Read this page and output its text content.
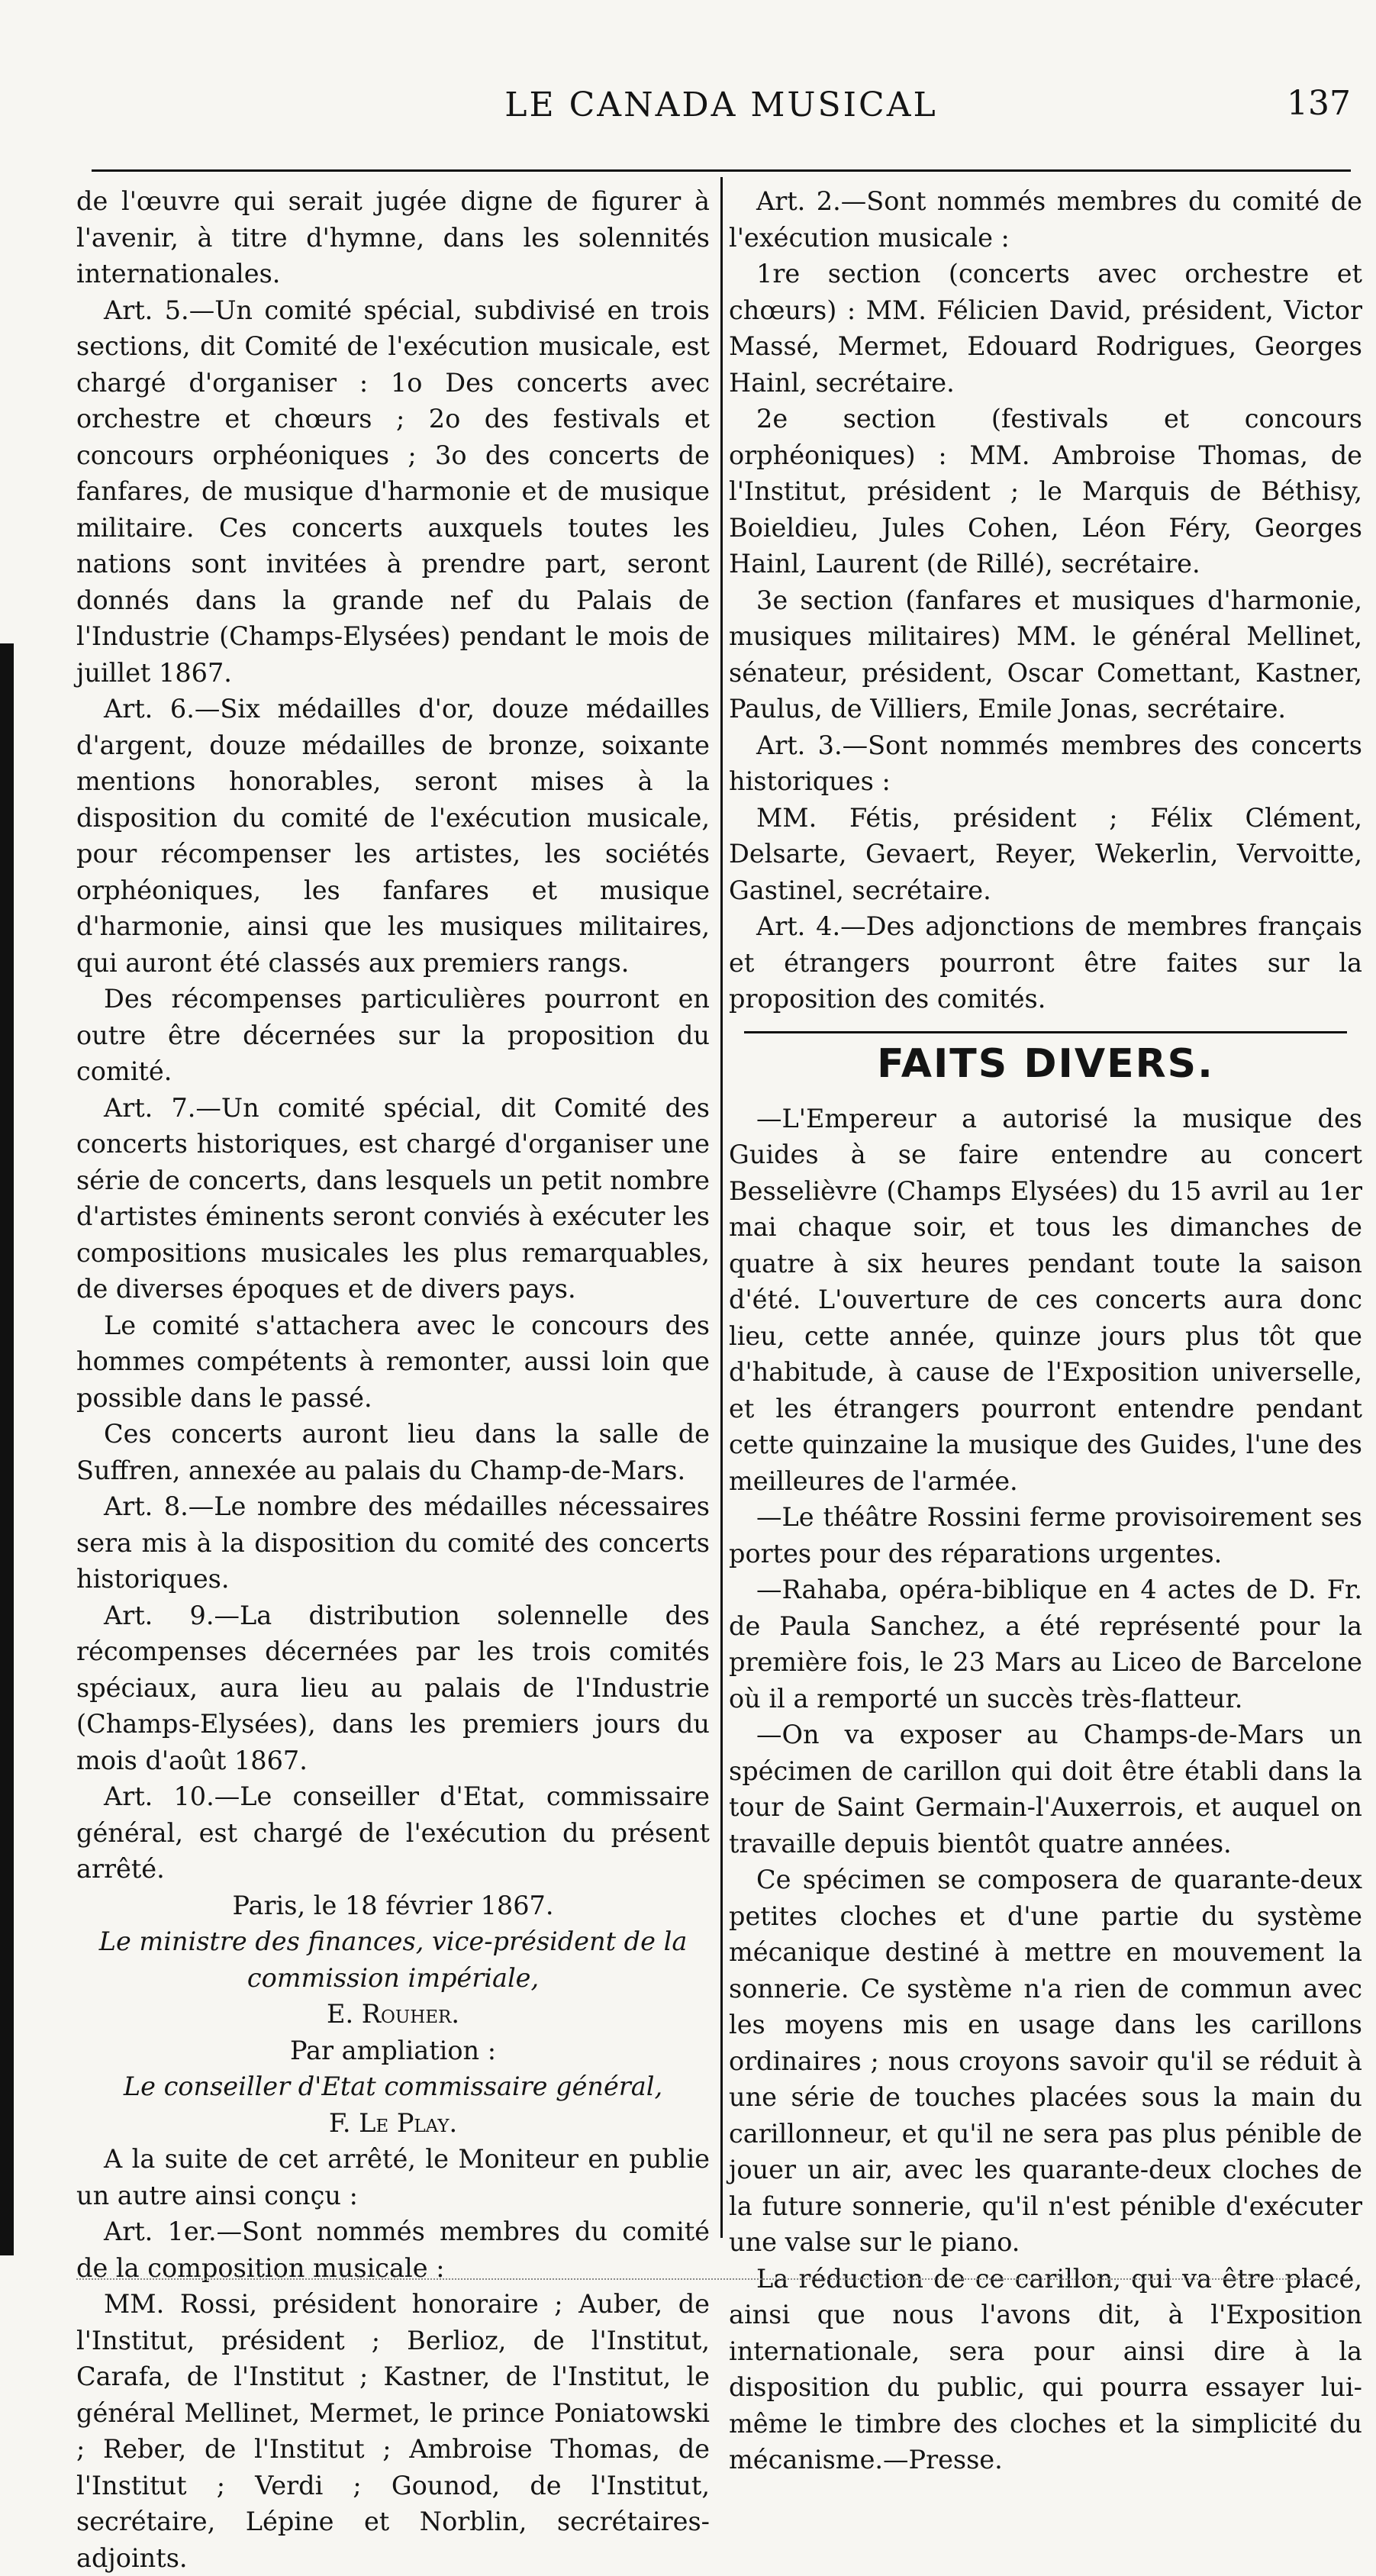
LE CANADA MUSICAL	137

de l'œuvre qui serait jugée digne de figurer à l'avenir, à titre d'hymne, dans les solennités internationales.

Art. 5.—Un comité spécial, subdivisé en trois sections, dit Comité de l'exécution musicale, est chargé d'organiser : 1o Des concerts avec orchestre et chœurs ; 2o des festivals et concours orphéoniques ; 3o des concerts de fanfares, de musique d'harmonie et de musique militaire. Ces concerts auxquels toutes les nations sont invitées à prendre part, seront donnés dans la grande nef du Palais de l'Industrie (Champs-Elysées) pendant le mois de juillet 1867.

Art. 6.—Six médailles d'or, douze médailles d'argent, douze médailles de bronze, soixante mentions honorables, seront mises à la disposition du comité de l'exécution musicale, pour récompenser les artistes, les sociétés orphéoniques, les fanfares et musique d'harmonie, ainsi que les musiques militaires, qui auront été classés aux premiers rangs.

Des récompenses particulières pourront en outre être décernées sur la proposition du comité.

Art. 7.—Un comité spécial, dit Comité des concerts historiques, est chargé d'organiser une série de concerts, dans lesquels un petit nombre d'artistes éminents seront conviés à exécuter les compositions musicales les plus remarquables, de diverses époques et de divers pays.

Le comité s'attachera avec le concours des hommes compétents à remonter, aussi loin que possible dans le passé.

Ces concerts auront lieu dans la salle de Suffren, annexée au palais du Champ-de-Mars.

Art. 8.—Le nombre des médailles nécessaires sera mis à la disposition du comité des concerts historiques.

Art. 9.—La distribution solennelle des récompenses décernées par les trois comités spéciaux, aura lieu au palais de l'Industrie (Champs-Elysées), dans les premiers jours du mois d'août 1867.

Art. 10.—Le conseiller d'Etat, commissaire général, est chargé de l'exécution du présent arrêté.

Paris, le 18 février 1867.

Le ministre des finances, vice-président de la commission impériale,

E. Rouher.

Par ampliation :

Le conseiller d'Etat commissaire général,

F. Le Play.

A la suite de cet arrêté, le Moniteur en publie un autre ainsi conçu :

Art. 1er.—Sont nommés membres du comité de la composition musicale :

MM. Rossi, président honoraire ; Auber, de l'Institut, président ; Berlioz, de l'Institut, Carafa, de l'Institut ; Kastner, de l'Institut, le général Mellinet, Mermet, le prince Poniatowski ; Reber, de l'Institut ; Ambroise Thomas, de l'Institut ; Verdi ; Gounod, de l'Institut, secrétaire, Lépine et Norblin, secrétaires-adjoints.

Art. 2.—Sont nommés membres du comité de l'exécution musicale :

1re section (concerts avec orchestre et chœurs) : MM. Félicien David, président, Victor Massé, Mermet, Edouard Rodrigues, Georges Hainl, secrétaire.

2e section (festivals et concours orphéoniques) : MM. Ambroise Thomas, de l'Institut, président ; le Marquis de Béthisy, Boieldieu, Jules Cohen, Léon Féry, Georges Hainl, Laurent (de Rillé), secrétaire.

3e section (fanfares et musiques d'harmonie, musiques militaires) MM. le général Mellinet, sénateur, président, Oscar Comettant, Kastner, Paulus, de Villiers, Emile Jonas, secrétaire.

Art. 3.—Sont nommés membres des concerts historiques :

MM. Fétis, président ; Félix Clément, Delsarte, Gevaert, Reyer, Wekerlin, Vervoitte, Gastinel, secrétaire.

Art. 4.—Des adjonctions de membres français et étrangers pourront être faites sur la proposition des comités.

FAITS DIVERS.

—L'Empereur a autorisé la musique des Guides à se faire entendre au concert Besselièvre (Champs Elysées) du 15 avril au 1er mai chaque soir, et tous les dimanches de quatre à six heures pendant toute la saison d'été. L'ouverture de ces concerts aura donc lieu, cette année, quinze jours plus tôt que d'habitude, à cause de l'Exposition universelle, et les étrangers pourront entendre pendant cette quinzaine la musique des Guides, l'une des meilleures de l'armée.

—Le théâtre Rossini ferme provisoirement ses portes pour des réparations urgentes.

—Rahaba, opéra-biblique en 4 actes de D. Fr. de Paula Sanchez, a été représenté pour la première fois, le 23 Mars au Liceo de Barcelone où il a remporté un succès très-flatteur.

—On va exposer au Champs-de-Mars un spécimen de carillon qui doit être établi dans la tour de Saint Germain-l'Auxerrois, et auquel on travaille depuis bientôt quatre années.

Ce spécimen se composera de quarante-deux petites cloches et d'une partie du système mécanique destiné à mettre en mouvement la sonnerie. Ce système n'a rien de commun avec les moyens mis en usage dans les carillons ordinaires ; nous croyons savoir qu'il se réduit à une série de touches placées sous la main du carillonneur, et qu'il ne sera pas plus pénible de jouer un air, avec les quarante-deux cloches de la future sonnerie, qu'il n'est pénible d'exécuter une valse sur le piano.

La réduction de ce carillon, qui va être placé, ainsi que nous l'avons dit, à l'Exposition internationale, sera pour ainsi dire à la disposition du public, qui pourra essayer lui-même le timbre des cloches et la simplicité du mécanisme.—Presse.
